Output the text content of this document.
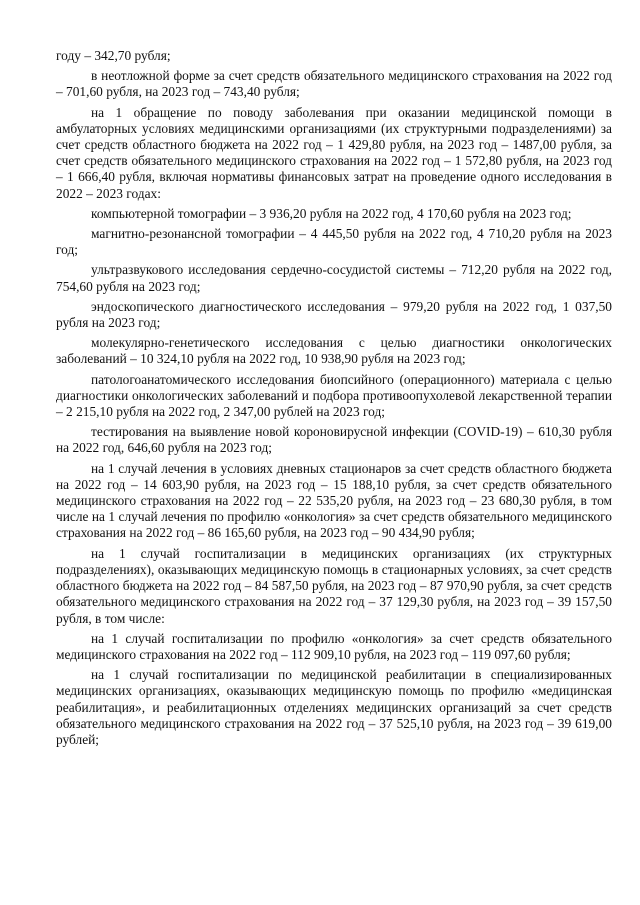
году – 342,70 рубля;

в неотложной форме за счет средств обязательного медицинского страхования на 2022 год – 701,60 рубля, на 2023 год – 743,40 рубля;

на 1 обращение по поводу заболевания при оказании медицинской помощи в амбулаторных условиях медицинскими организациями (их структурными подразделениями) за счет средств областного бюджета на 2022 год – 1 429,80 рубля, на 2023 год – 1487,00 рубля, за счет средств обязательного медицинского страхования на 2022 год – 1 572,80 рубля, на 2023 год – 1 666,40 рубля, включая нормативы финансовых затрат на проведение одного исследования в 2022 – 2023 годах:

компьютерной томографии – 3 936,20 рубля на 2022 год, 4 170,60 рубля на 2023 год;

магнитно-резонансной томографии – 4 445,50 рубля на 2022 год, 4 710,20 рубля на 2023 год;

ультразвукового исследования сердечно-сосудистой системы – 712,20 рубля на 2022 год, 754,60 рубля на 2023 год;

эндоскопического диагностического исследования – 979,20 рубля на 2022 год, 1 037,50 рубля на 2023 год;

молекулярно-генетического исследования с целью диагностики онкологических заболеваний – 10 324,10 рубля на 2022 год, 10 938,90 рубля на 2023 год;

патологоанатомического исследования биопсийного (операционного) материала с целью диагностики онкологических заболеваний и подбора противоопухолевой лекарственной терапии – 2 215,10 рубля на 2022 год, 2 347,00 рублей на 2023 год;

тестирования на выявление новой короновирусной инфекции (COVID-19) – 610,30 рубля на 2022 год, 646,60 рубля на 2023 год;

на 1 случай лечения в условиях дневных стационаров за счет средств областного бюджета на 2022 год – 14 603,90 рубля, на 2023 год – 15 188,10 рубля, за счет средств обязательного медицинского страхования на 2022 год – 22 535,20 рубля, на 2023 год – 23 680,30 рубля, в том числе на 1 случай лечения по профилю «онкология» за счет средств обязательного медицинского страхования на 2022 год – 86 165,60 рубля, на 2023 год – 90 434,90 рубля;

на 1 случай госпитализации в медицинских организациях (их структурных подразделениях), оказывающих медицинскую помощь в стационарных условиях, за счет средств областного бюджета на 2022 год – 84 587,50 рубля, на 2023 год – 87 970,90 рубля, за счет средств обязательного медицинского страхования на 2022 год – 37 129,30 рубля, на 2023 год – 39 157,50 рубля, в том числе:

на 1 случай госпитализации по профилю «онкология» за счет средств обязательного медицинского страхования на 2022 год – 112 909,10 рубля, на 2023 год – 119 097,60 рубля;

на 1 случай госпитализации по медицинской реабилитации в специализированных медицинских организациях, оказывающих медицинскую помощь по профилю «медицинская реабилитация», и реабилитационных отделениях медицинских организаций за счет средств обязательного медицинского страхования на 2022 год – 37 525,10 рубля, на 2023 год – 39 619,00 рублей;
